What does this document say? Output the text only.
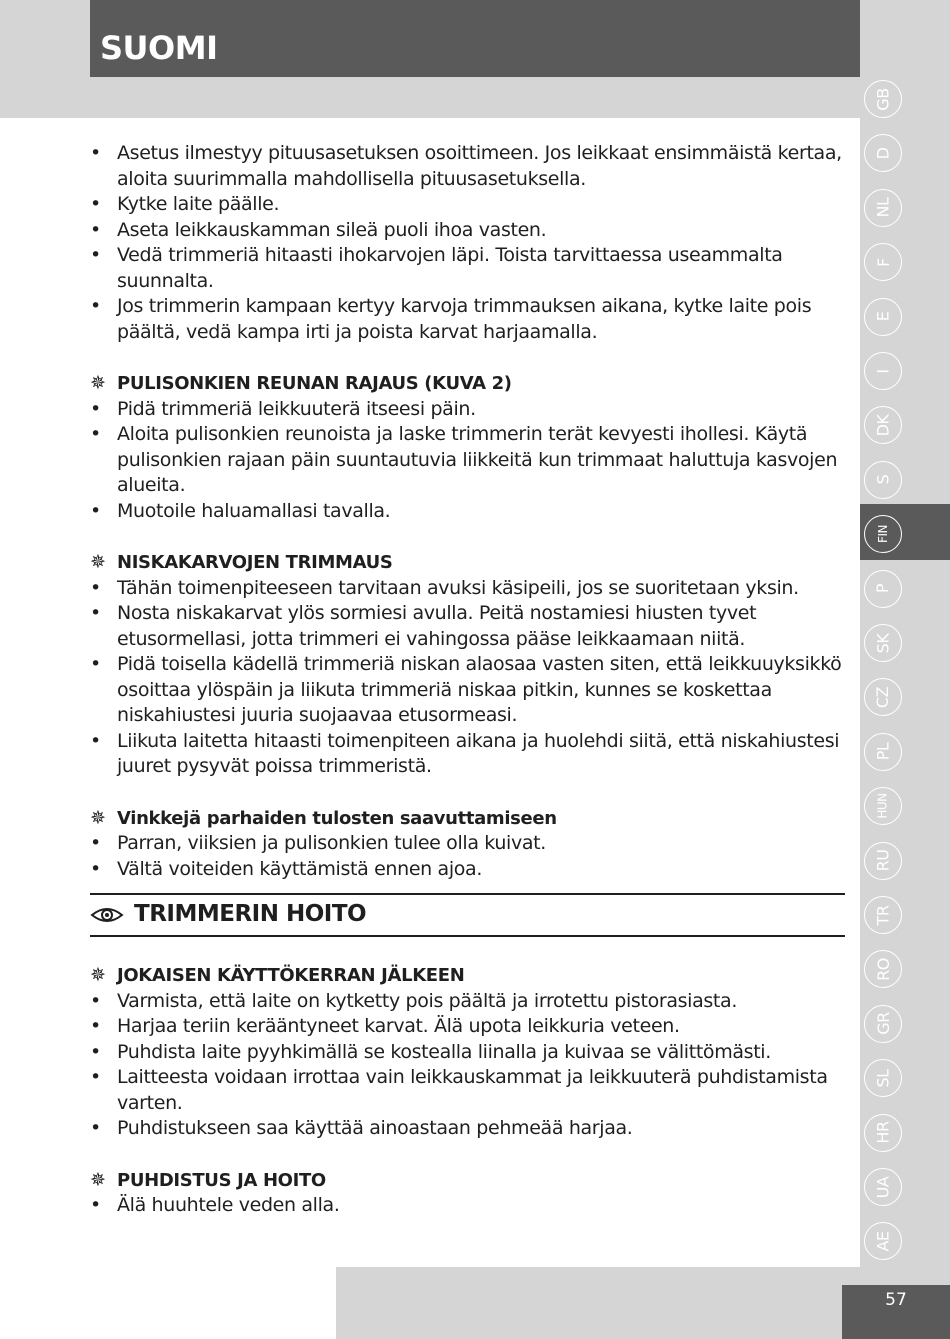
SUOMI
GB
D
NL
F
E
I
DK
S
FIN
P
SK
CZ
PL
HUN
RU
TR
RO
GR
SL
HR
UA
AE
57
• Asetus ilmestyy pituusasetuksen osoittimeen. Jos leikkaat ensimmäistä kertaa, aloita suurimmalla mahdollisella pituusasetuksella.
• Kytke laite päälle.
• Aseta leikkauskamman sileä puoli ihoa vasten.
• Vedä trimmeriä hitaasti ihokarvojen läpi. Toista tarvittaessa useammalta suunnalta.
• Jos trimmerin kampaan kertyy karvoja trimmauksen aikana, kytke laite pois päältä, vedä kampa irti ja poista karvat harjaamalla.
✵ PULISONKIEN REUNAN RAJAUS (KUVA 2)
• Pidä trimmeriä leikkuuterä itseesi päin.
• Aloita pulisonkien reunoista ja laske trimmerin terät kevyesti ihollesi. Käytä pulisonkien rajaan päin suuntautuvia liikkeitä kun trimmaat haluttuja kasvojen alueita.
• Muotoile haluamallasi tavalla.
✵ NISKAKARVOJEN TRIMMAUS
• Tähän toimenpiteeseen tarvitaan avuksi käsipeili, jos se suoritetaan yksin.
• Nosta niskakarvat ylös sormiesi avulla. Peitä nostamiesi hiusten tyvet etusormellasi, jotta trimmeri ei vahingossa pääse leikkaamaan niitä.
• Pidä toisella kädellä trimmeriä niskan alaosaa vasten siten, että leikkuuyksikkö osoittaa ylöspäin ja liikuta trimmeriä niskaa pitkin, kunnes se koskettaa niskahiustesi juuria suojaavaa etusormeasi.
• Liikuta laitetta hitaasti toimenpiteen aikana ja huolehdi siitä, että niskahiustesi juuret pysyvät poissa trimmeristä.
✵ Vinkkejä parhaiden tulosten saavuttamiseen
• Parran, viiksien ja pulisonkien tulee olla kuivat.
• Vältä voiteiden käyttämistä ennen ajoa.
TRIMMERIN HOITO
✵ JOKAISEN KÄYTTÖKERRAN JÄLKEEN
• Varmista, että laite on kytketty pois päältä ja irrotettu pistorasiasta.
• Harjaa teriin kerääntyneet karvat. Älä upota leikkuria veteen.
• Puhdista laite pyyhkimällä se kostealla liinalla ja kuivaa se välittömästi.
• Laitteesta voidaan irrottaa vain leikkauskammat ja leikkuuterä puhdistamista varten.
• Puhdistukseen saa käyttää ainoastaan pehmeää harjaa.
✵ PUHDISTUS JA HOITO
• Älä huuhtele veden alla.
